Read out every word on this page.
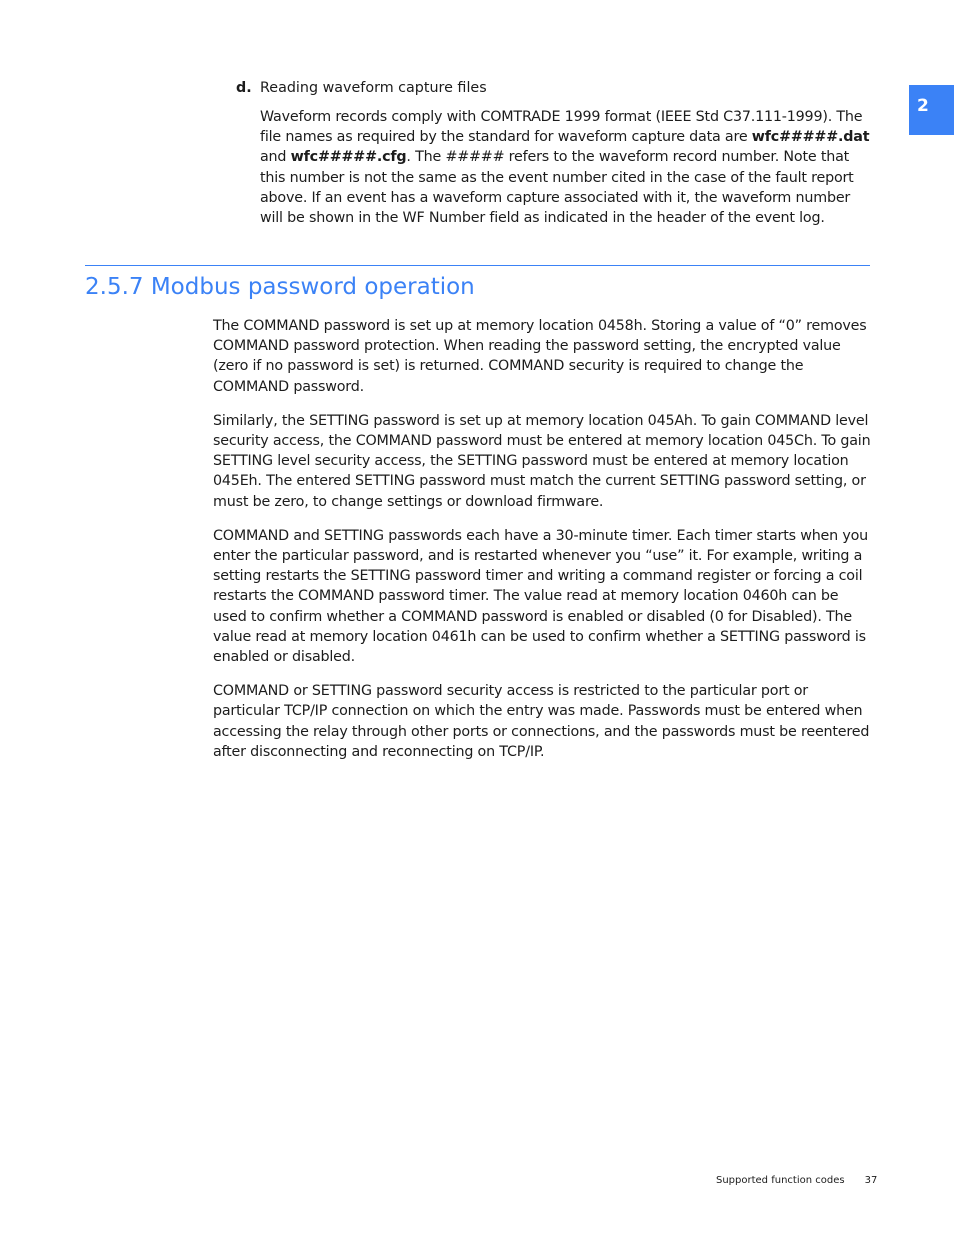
2
d. Reading waveform capture files

Waveform records comply with COMTRADE 1999 format (IEEE Std C37.111-1999). The file names as required by the standard for waveform capture data are wfc#####.dat and wfc#####.cfg. The ##### refers to the waveform record number. Note that this number is not the same as the event number cited in the case of the fault report above. If an event has a waveform capture associated with it, the waveform number will be shown in the WF Number field as indicated in the header of the event log.

2.5.7 Modbus password operation

The COMMAND password is set up at memory location 0458h. Storing a value of “0” removes COMMAND password protection. When reading the password setting, the encrypted value (zero if no password is set) is returned. COMMAND security is required to change the COMMAND password.

Similarly, the SETTING password is set up at memory location 045Ah. To gain COMMAND level security access, the COMMAND password must be entered at memory location 045Ch. To gain SETTING level security access, the SETTING password must be entered at memory location 045Eh. The entered SETTING password must match the current SETTING password setting, or must be zero, to change settings or download firmware.

COMMAND and SETTING passwords each have a 30-minute timer. Each timer starts when you enter the particular password, and is restarted whenever you “use” it. For example, writing a setting restarts the SETTING password timer and writing a command register or forcing a coil restarts the COMMAND password timer. The value read at memory location 0460h can be used to confirm whether a COMMAND password is enabled or disabled (0 for Disabled). The value read at memory location 0461h can be used to confirm whether a SETTING password is enabled or disabled.

COMMAND or SETTING password security access is restricted to the particular port or particular TCP/IP connection on which the entry was made. Passwords must be entered when accessing the relay through other ports or connections, and the passwords must be reentered after disconnecting and reconnecting on TCP/IP.

Supported function codes 37
